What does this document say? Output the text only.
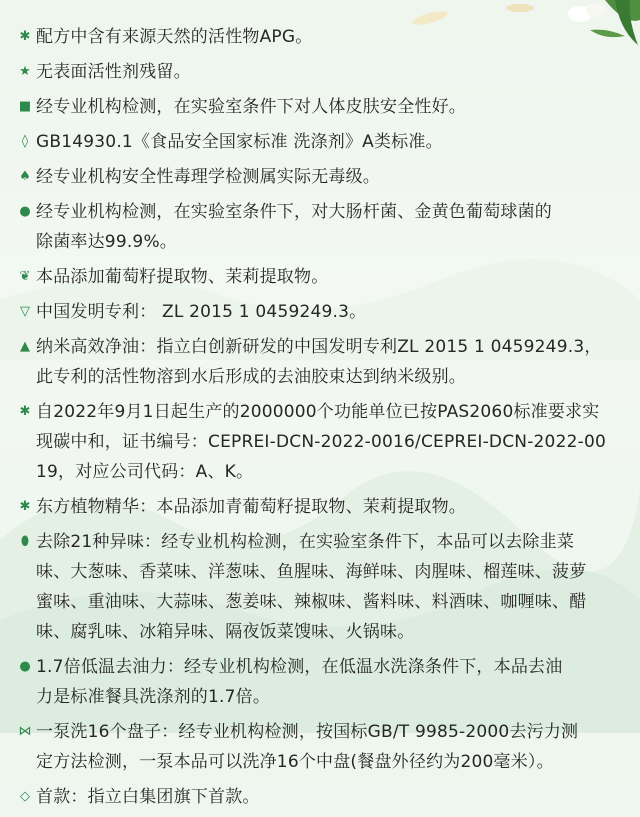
✱ 配方中含有来源天然的活性物APG。
★ 无表面活性剂残留。
■ 经专业机构检测，在实验室条件下对人体皮肤安全性好。
◊ GB14930.1《食品安全国家标准 洗涤剂》A类标准。
♠ 经专业机构安全性毒理学检测属实际无毒级。
● 经专业机构检测，在实验室条件下，对大肠杆菌、金黄色葡萄球菌的
除菌率达99.9%。
❦ 本品添加葡萄籽提取物、茉莉提取物。
▽ 中国发明专利： ZL 2015 1 0459249.3。
▲ 纳米高效净油：指立白创新研发的中国发明专利ZL 2015 1 0459249.3，
此专利的活性物溶到水后形成的去油胶束达到纳米级别。
✱ 自2022年9月1日起生产的2000000个功能单位已按PAS2060标准要求实
现碳中和，证书编号：CEPREI-DCN-2022-0016/CEPREI-DCN-2022-00
19，对应公司代码：A、K。
✱ 东方植物精华：本品添加青葡萄籽提取物、茉莉提取物。
⬮ 去除21种异味：经专业机构检测，在实验室条件下，本品可以去除韭菜
味、大葱味、香菜味、洋葱味、鱼腥味、海鲜味、肉腥味、榴莲味、菠萝
蜜味、重油味、大蒜味、葱姜味、辣椒味、酱料味、料酒味、咖喱味、醋
味、腐乳味、冰箱异味、隔夜饭菜馊味、火锅味。
● 1.7倍低温去油力：经专业机构检测，在低温水洗涤条件下，本品去油
力是标准餐具洗涤剂的1.7倍。
⋈ 一泵洗16个盘子：经专业机构检测，按国标GB/T 9985-2000去污力测
定方法检测，一泵本品可以洗净16个中盘(餐盘外径约为200毫米）。
◇ 首款：指立白集团旗下首款。
